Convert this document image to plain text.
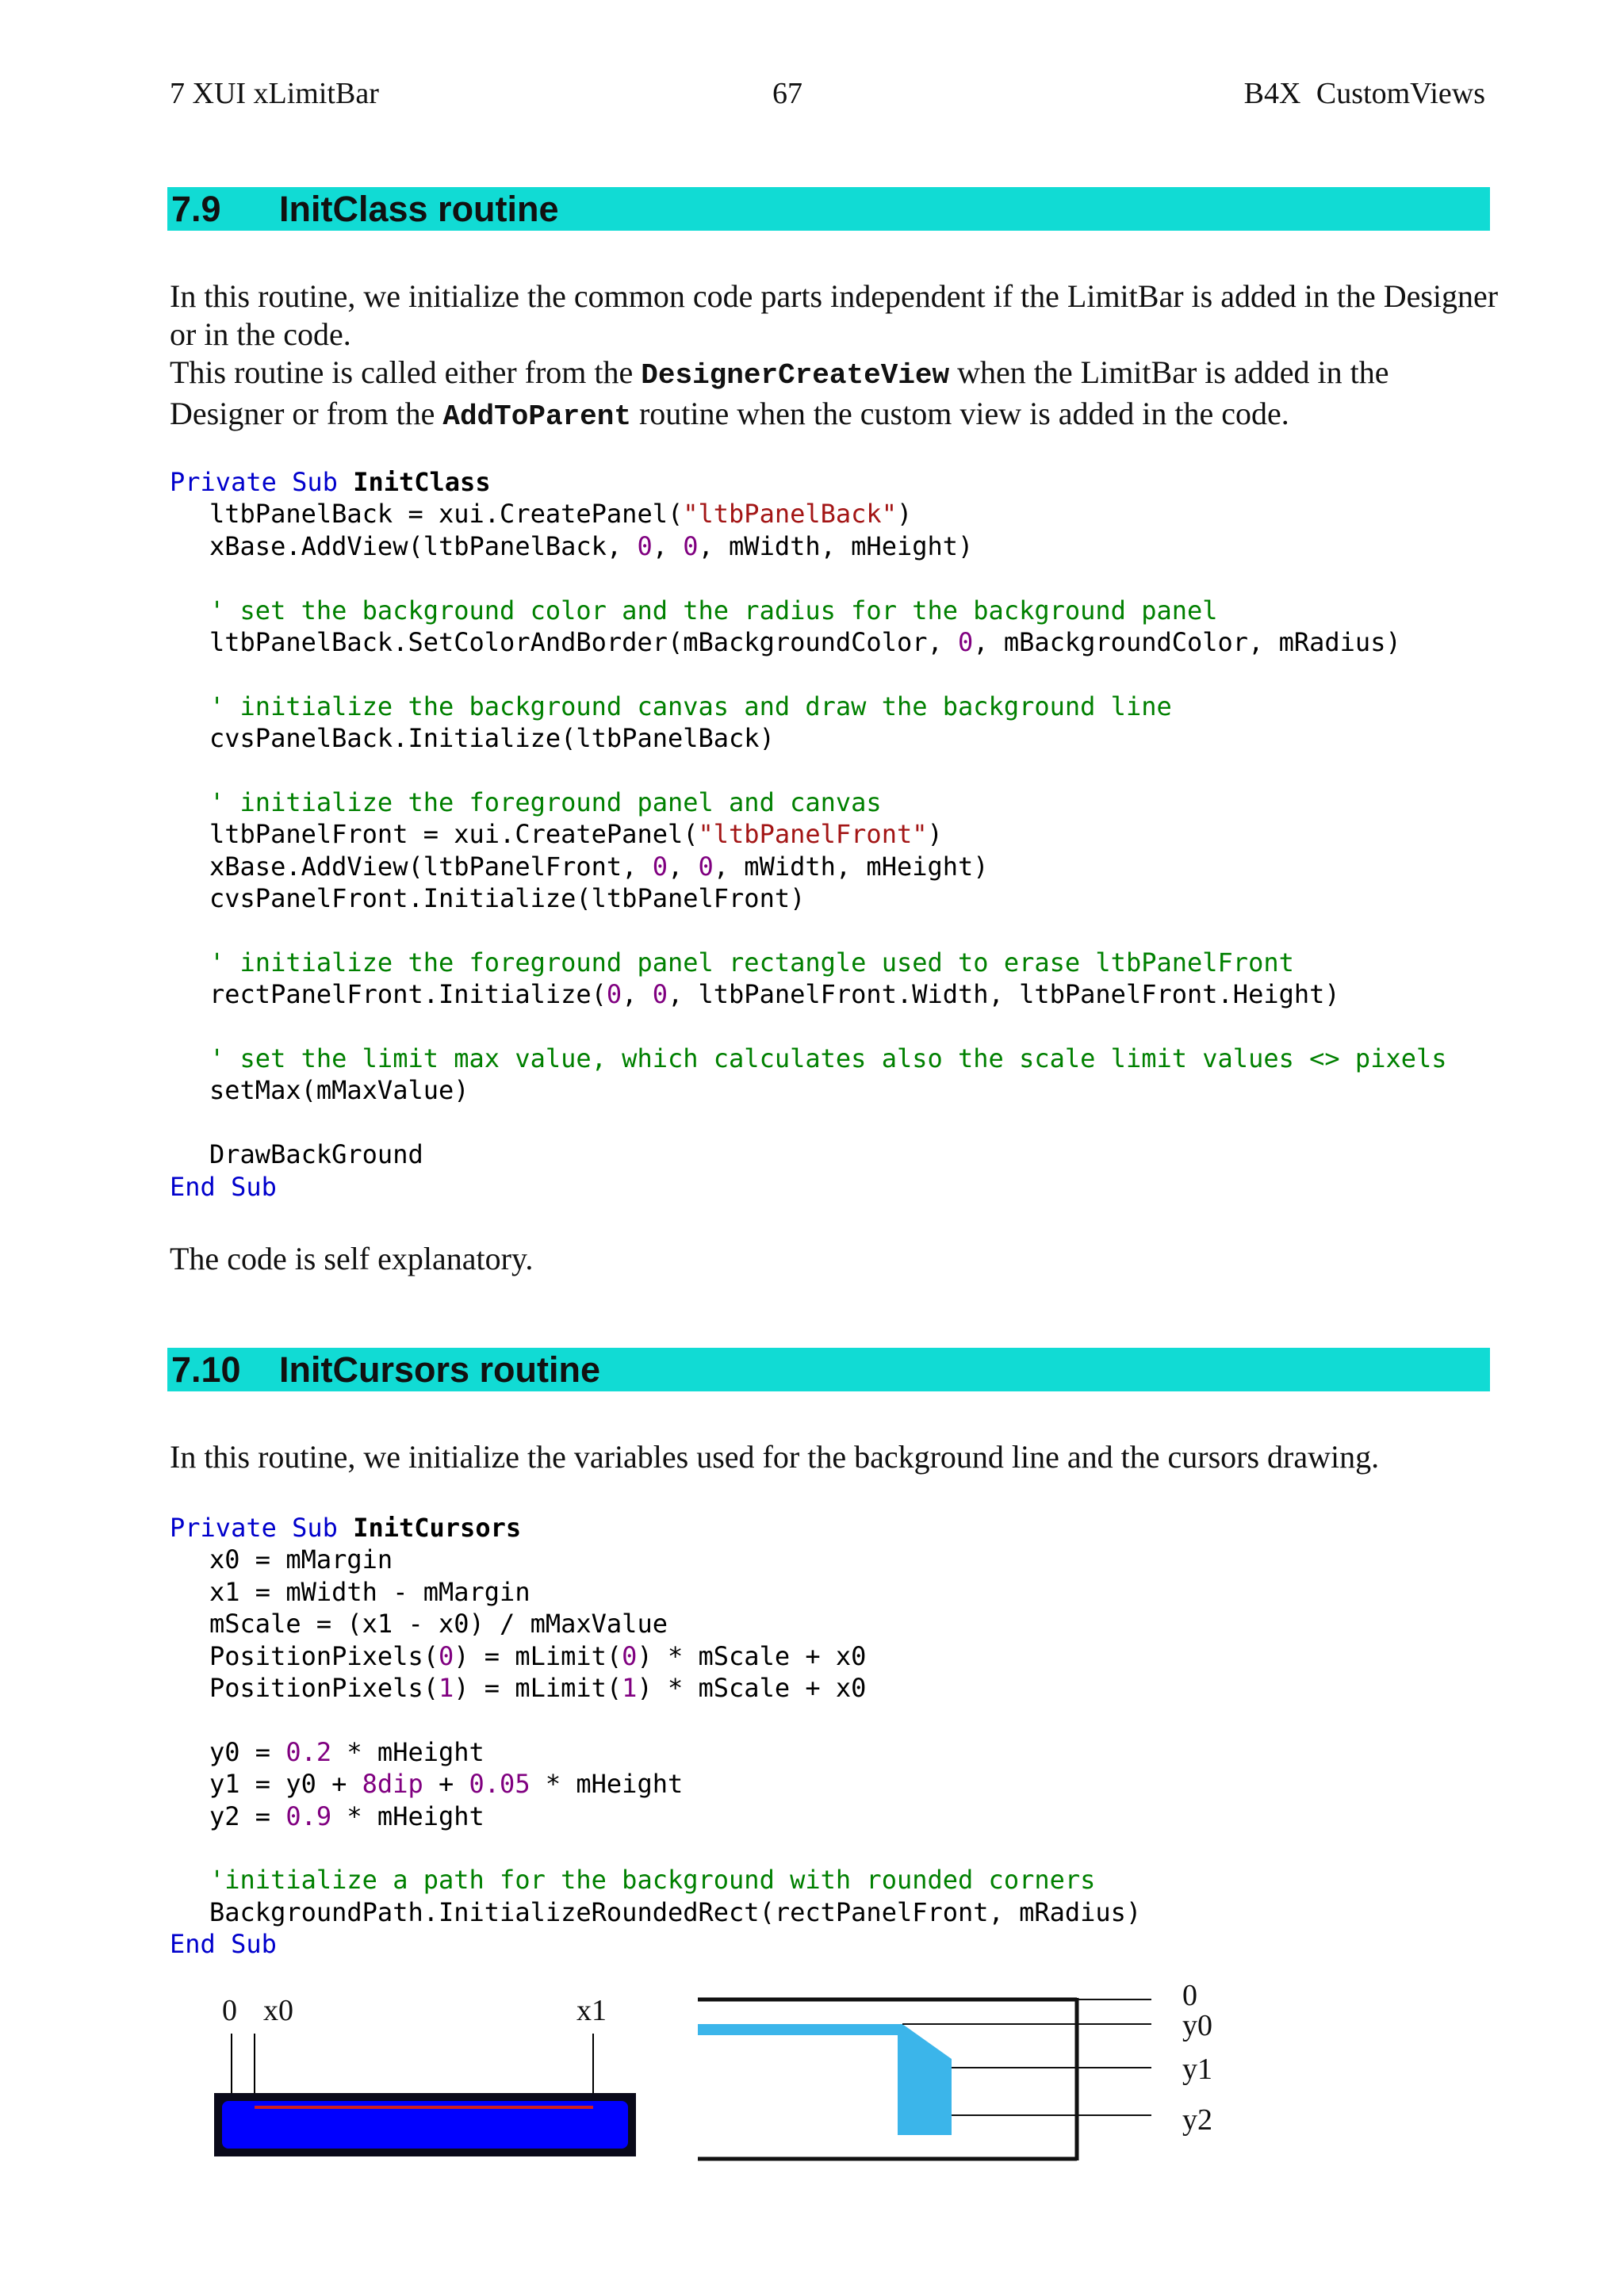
7 XUI xLimitBar	67	B4X CustomViews
7.9 InitClass routine

In this routine, we initialize the common code parts independent if the LimitBar is added in the Designer or in the code.

This routine is called either from the DesignerCreateView when the LimitBar is added in the Designer or from the AddToParent routine when the custom view is added in the code.

Private Sub InitClass
ltbPanelBack = xui.CreatePanel("ltbPanelBack")
xBase.AddView(ltbPanelBack, 0, 0, mWidth, mHeight)

' set the background color and the radius for the background panel
ltbPanelBack.SetColorAndBorder(mBackgroundColor, 0, mBackgroundColor, mRadius)

' initialize the background canvas and draw the background line
cvsPanelBack.Initialize(ltbPanelBack)

' initialize the foreground panel and canvas
ltbPanelFront = xui.CreatePanel("ltbPanelFront")
xBase.AddView(ltbPanelFront, 0, 0, mWidth, mHeight)
cvsPanelFront.Initialize(ltbPanelFront)

' initialize the foreground panel rectangle used to erase ltbPanelFront
rectPanelFront.Initialize(0, 0, ltbPanelFront.Width, ltbPanelFront.Height)

' set the limit max value, which calculates also the scale limit values <> pixels
setMax(mMaxValue)

DrawBackGround
End Sub
The code is self explanatory.
7.10 InitCursors routine
In this routine, we initialize the variables used for the background line and the cursors drawing.
Private Sub InitCursors
x0 = mMargin
x1 = mWidth - mMargin
mScale = (x1 - x0) / mMaxValue
PositionPixels(0) = mLimit(0) * mScale + x0
PositionPixels(1) = mLimit(1) * mScale + x0

y0 = 0.2 * mHeight
y1 = y0 + 8dip + 0.05 * mHeight
y2 = 0.9 * mHeight

'initialize a path for the background with rounded corners
BackgroundPath.InitializeRoundedRect(rectPanelFront, mRadius)
End Sub
0 x0	x1	0
y0
y1
y2
